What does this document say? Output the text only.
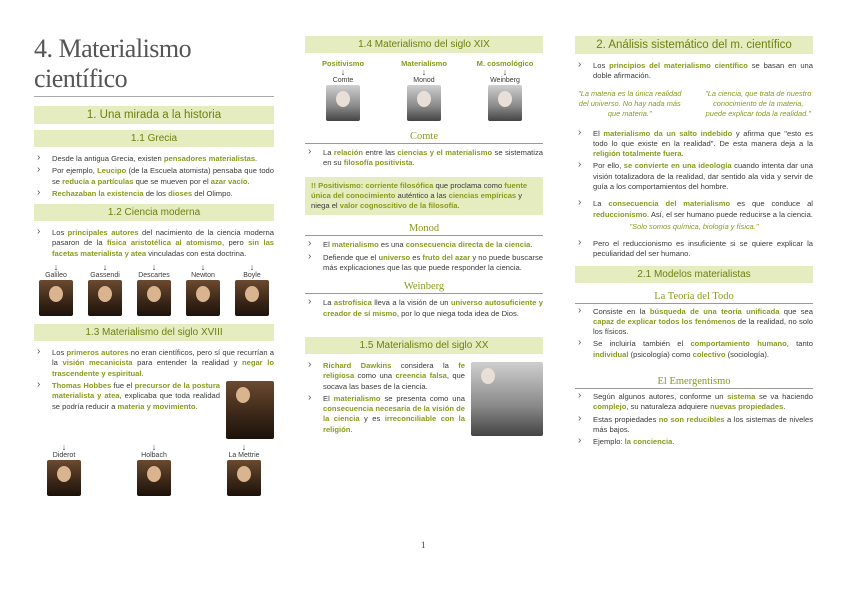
4. Materialismo científico
1. Una mirada a la historia
1.1 Grecia
› Desde la antigua Grecia, existen pensadores materialistas.
› Por ejemplo, Leucipo (de la Escuela atomista) pensaba que todo se reducía a partículas que se mueven por el azar vacío.
› Rechazaban la existencia de los dioses del Olimpo.
1.2 Ciencia moderna
› Los principales autores del nacimiento de la ciencia moderna pasaron de la física aristotélica al atomismo, pero sin las facetas materialista y atea vinculadas con esta doctrina.
↓
Galileo
↓
Gassendi
↓
Descartes
↓
Newton
↓
Boyle
1.3 Materialismo del siglo XVIII
› Los primeros autores no eran científicos, pero sí que recurrían a la visión mecanicista para entender la realidad y negar lo trascendente y espiritual.
› Thomas Hobbes fue el precursor de la postura materialista y atea, explicaba que toda realidad se podría reducir a materia y movimiento.
↓
Diderot
↓
Holbach
↓
La Mettrie
1.4 Materialismo del siglo XIX
Positivismo
↓
Comte
Materialismo
↓
Monod
M. cosmológico
↓
Weinberg
Comte
› La relación entre las ciencias y el materialismo se sistematiza en su filosofía positivista.
!! Positivismo: corriente filosófica que proclama como fuente única del conocimiento auténtico a las ciencias empíricas y niega el valor cognoscitivo de la filosofía.
Monod
› El materialismo es una consecuencia directa de la ciencia.
› Defiende que el universo es fruto del azar y no puede buscarse más explicaciones que las que puede responder la ciencia.
Weinberg
› La astrofísica lleva a la visión de un universo autosuficiente y creador de sí mismo, por lo que niega toda idea de Dios.
1.5 Materialismo del siglo XX
› Richard Dawkins considera la fe religiosa como una creencia falsa, que socava las bases de la ciencia.
› El materialismo se presenta como una consecuencia necesaria de la visión de la ciencia y es irreconciliable con la religión.
2. Análisis sistemático del m. científico
› Los principios del materialismo científico se basan en una doble afirmación.
"La materia es la única realidad del universo. No hay nada más que materia."
"La ciencia, que trata de nuestro conocimiento de la materia, puede explicar toda la realidad."
› El materialismo da un salto indebido y afirma que "esto es todo lo que existe en la realidad". De esta manera deja a la religión totalmente fuera.
› Por ello, se convierte en una ideología cuando intenta dar una visión totalizadora de la realidad, dar sentido ala vida y servir de guía a los comportamientos del hombre.
› La consecuencia del materialismo es que conduce al reduccionismo. Así, el ser humano puede reducirse a la ciencia.
"Solo somos química, biología y física."
› Pero el reduccionismo es insuficiente si se quiere explicar la peculiaridad del ser humano.
2.1 Modelos materialistas
La Teoría del Todo
› Consiste en la búsqueda de una teoría unificada que sea capaz de explicar todos los fenómenos de la realidad, no solo los físicos.
› Se incluiría también el comportamiento humano, tanto individual (psicología) como colectivo (sociología).
El Emergentismo
› Según algunos autores, conforme un sistema se va haciendo complejo, su naturaleza adquiere nuevas propiedades.
› Estas propiedades no son reducibles a los sistemas de niveles más bajos.
› Ejemplo: la conciencia.
1
